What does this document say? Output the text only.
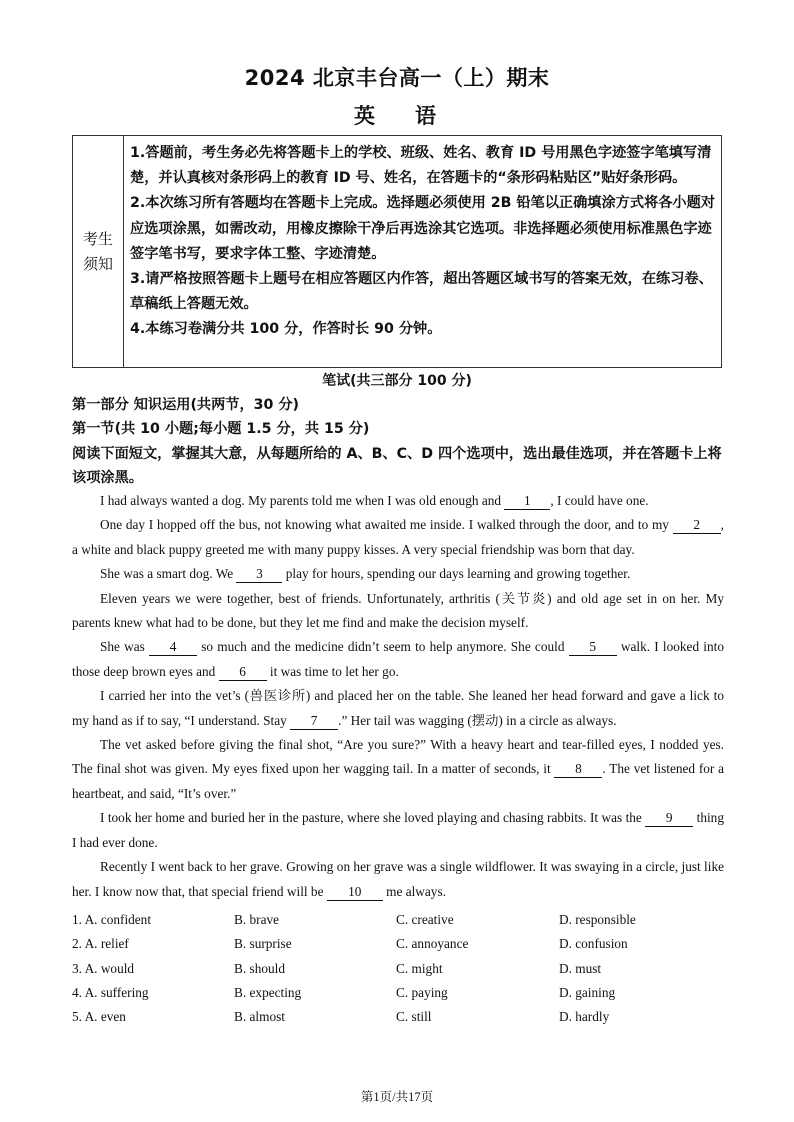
2024 北京丰台高一（上）期末
英语
考生
须知

1.答题前，考生务必先将答题卡上的学校、班级、姓名、教育 ID 号用黑色字迹签字笔填写清楚，并认真核对条形码上的教育 ID 号、姓名，在答题卡的“条形码粘贴区”贴好条形码。

2.本次练习所有答题均在答题卡上完成。选择题必须使用 2B 铅笔以正确填涂方式将各小题对应选项涂黑，如需改动，用橡皮擦除干净后再选涂其它选项。非选择题必须使用标准黑色字迹签字笔书写，要求字体工整、字迹清楚。

3.请严格按照答题卡上题号在相应答题区内作答，超出答题区域书写的答案无效，在练习卷、草稿纸上答题无效。

4.本练习卷满分共 100 分，作答时长 90 分钟。

笔试(共三部分 100 分)
第一部分 知识运用(共两节，30 分)
第一节(共 10 小题;每小题 1.5 分，共 15 分)
阅读下面短文，掌握其大意，从每题所给的 A、B、C、D 四个选项中，选出最佳选项，并在答题卡上将该项涂黑。

I had always wanted a dog. My parents told me when I was old enough and 1 , I could have one.

One day I hopped off the bus, not knowing what awaited me inside. I walked through the door, and to my 2 , a white and black puppy greeted me with many puppy kisses. A very special friendship was born that day.

She was a smart dog. We 3 play for hours, spending our days learning and growing together.

Eleven years we were together, best of friends. Unfortunately, arthritis (关节炎) and old age set in on her. My parents knew what had to be done, but they let me find and make the decision myself.

She was 4 so much and the medicine didn’t seem to help anymore. She could 5 walk. I looked into those deep brown eyes and 6 it was time to let her go.

I carried her into the vet’s (兽医诊所) and placed her on the table. She leaned her head forward and gave a lick to my hand as if to say, “I understand. Stay 7 .” Her tail was wagging (摆动) in a circle as always.

The vet asked before giving the final shot, “Are you sure?” With a heavy heart and tear-filled eyes, I nodded yes. The final shot was given. My eyes fixed upon her wagging tail. In a matter of seconds, it 8 . The vet listened for a heartbeat, and said, “It’s over.”

I took her home and buried her in the pasture, where she loved playing and chasing rabbits. It was the 9 thing I had ever done.

Recently I went back to her grave. Growing on her grave was a single wildflower. It was swaying in a circle, just like her. I know now that, that special friend will be 10 me always.

1. A. confident	B. brave	C. creative	D. responsible
2. A. relief	B. surprise	C. annoyance	D. confusion
3. A. would	B. should	C. might	D. must
4. A. suffering	B. expecting	C. paying	D. gaining
5. A. even	B. almost	C. still	D. hardly
第1页/共17页
